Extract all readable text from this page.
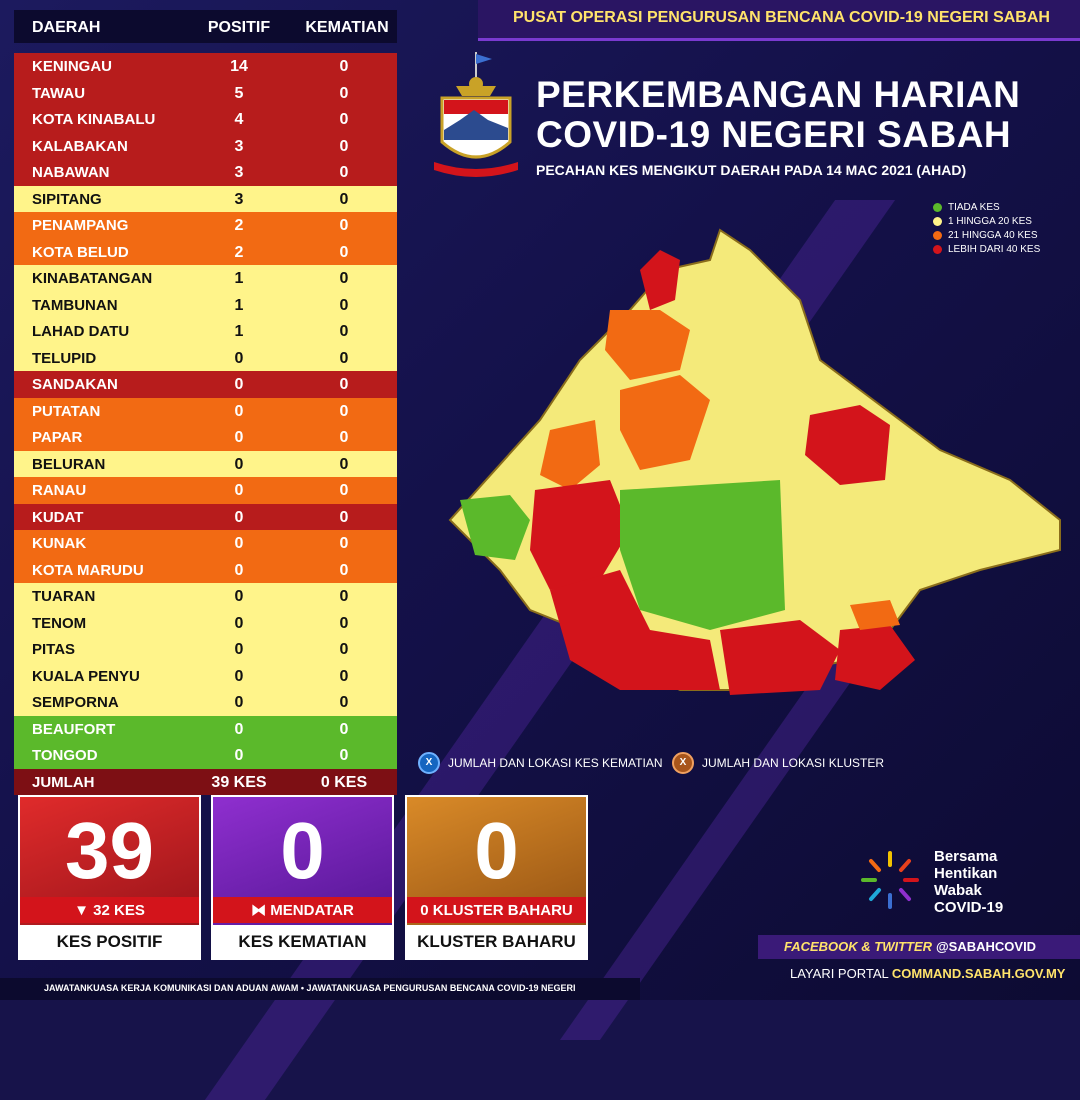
PUSAT OPERASI PENGURUSAN BENCANA COVID-19 NEGERI SABAH
PERKEMBANGAN HARIAN
COVID-19 NEGERI SABAH
PECAHAN KES MENGIKUT DAERAH PADA 14 MAC 2021 (AHAD)
DAERAH	POSITIF	KEMATIAN
KENINGAU	14	0
TAWAU	5	0
KOTA KINABALU	4	0
KALABAKAN	3	0
NABAWAN	3	0
SIPITANG	3	0
PENAMPANG	2	0
KOTA BELUD	2	0
KINABATANGAN	1	0
TAMBUNAN	1	0
LAHAD DATU	1	0
TELUPID	0	0
SANDAKAN	0	0
PUTATAN	0	0
PAPAR	0	0
BELURAN	0	0
RANAU	0	0
KUDAT	0	0
KUNAK	0	0
KOTA MARUDU	0	0
TUARAN	0	0
TENOM	0	0
PITAS	0	0
KUALA PENYU	0	0
SEMPORNA	0	0
BEAUFORT	0	0
TONGOD	0	0
JUMLAH	39 KES	0 KES
TIADA KES
1 HINGGA 20 KES
21 HINGGA 40 KES
LEBIH DARI 40 KES
X	JUMLAH DAN LOKASI KES KEMATIAN	X	JUMLAH DAN LOKASI KLUSTER
39
▼ 32 KES
KES POSITIF
0
⧓ MENDATAR
KES KEMATIAN
0
0 KLUSTER BAHARU
KLUSTER BAHARU
Bersama
Hentikan
Wabak
COVID-19
FACEBOOK & TWITTER @SABAHCOVID
LAYARI PORTAL COMMAND.SABAH.GOV.MY
JAWATANKUASA KERJA KOMUNIKASI DAN ADUAN AWAM • JAWATANKUASA PENGURUSAN BENCANA COVID-19 NEGERI
